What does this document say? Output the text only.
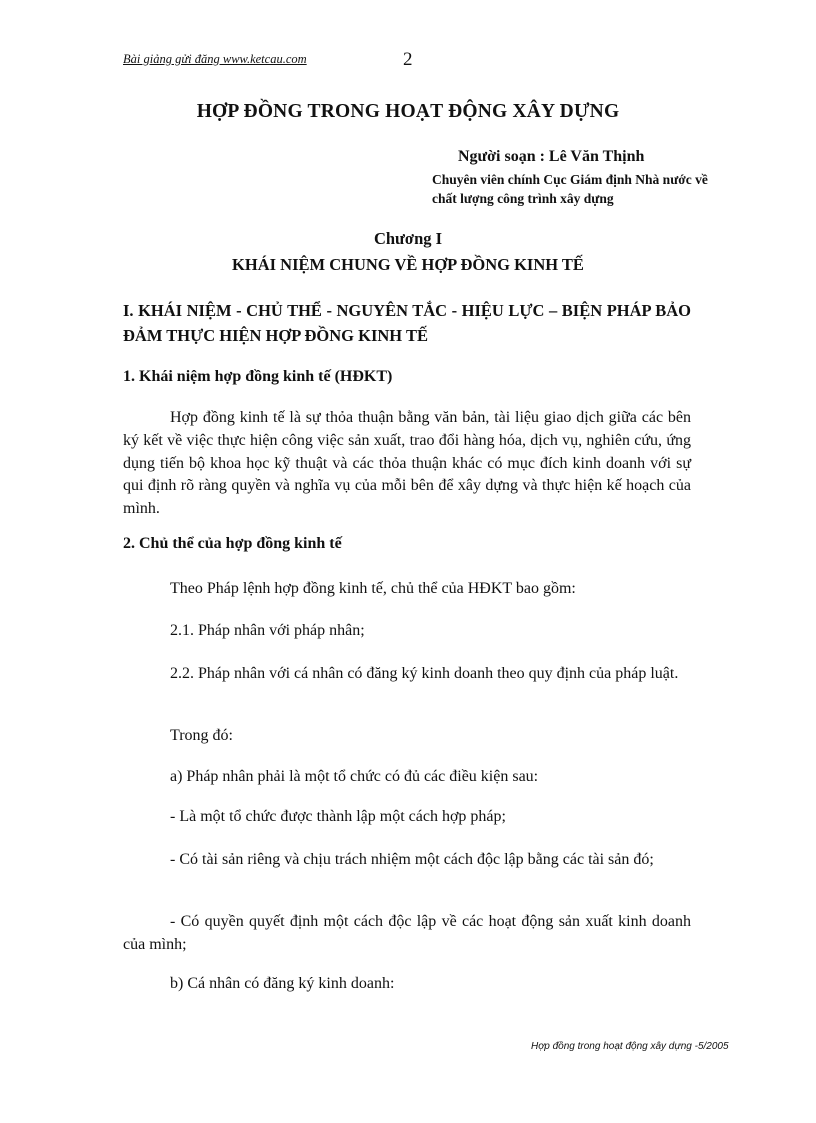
Bài giảng gửi đăng www.ketcau.com	2
HỢP ĐỒNG TRONG HOẠT ĐỘNG XÂY DỰNG
Người soạn : Lê Văn Thịnh
Chuyên viên chính Cục Giám định Nhà nước về chất lượng công trình xây dựng
Chương I
KHÁI NIỆM CHUNG VỀ HỢP ĐỒNG KINH TẾ
I. KHÁI NIỆM - CHỦ THỂ - NGUYÊN TẮC - HIỆU LỰC – BIỆN PHÁP BẢO ĐẢM THỰC HIỆN HỢP ĐỒNG KINH TẾ
1. Khái niệm hợp đồng kinh tế (HĐKT)

Hợp đồng kinh tế là sự thỏa thuận bằng văn bản, tài liệu giao dịch giữa các bên ký kết về việc thực hiện công việc sản xuất, trao đổi hàng hóa, dịch vụ, nghiên cứu, ứng dụng tiến bộ khoa học kỹ thuật và các thỏa thuận khác có mục đích kinh doanh với sự qui định rõ ràng quyền và nghĩa vụ của mỗi bên để xây dựng và thực hiện kế hoạch của mình.

2. Chủ thể của hợp đồng kinh tế

Theo Pháp lệnh hợp đồng kinh tế, chủ thể của HĐKT bao gồm:

2.1. Pháp nhân với pháp nhân;

2.2. Pháp nhân với cá nhân có đăng ký kinh doanh theo quy định của pháp luật.

Trong đó:

a) Pháp nhân phải là một tổ chức có đủ các điều kiện sau:

- Là một tổ chức được thành lập một cách hợp pháp;

- Có tài sản riêng và chịu trách nhiệm một cách độc lập bằng các tài sản đó;

- Có quyền quyết định một cách độc lập về các hoạt động sản xuất kinh doanh của mình;

b) Cá nhân có đăng ký kinh doanh:

Hợp đồng trong hoạt động xây dựng -5/2005
